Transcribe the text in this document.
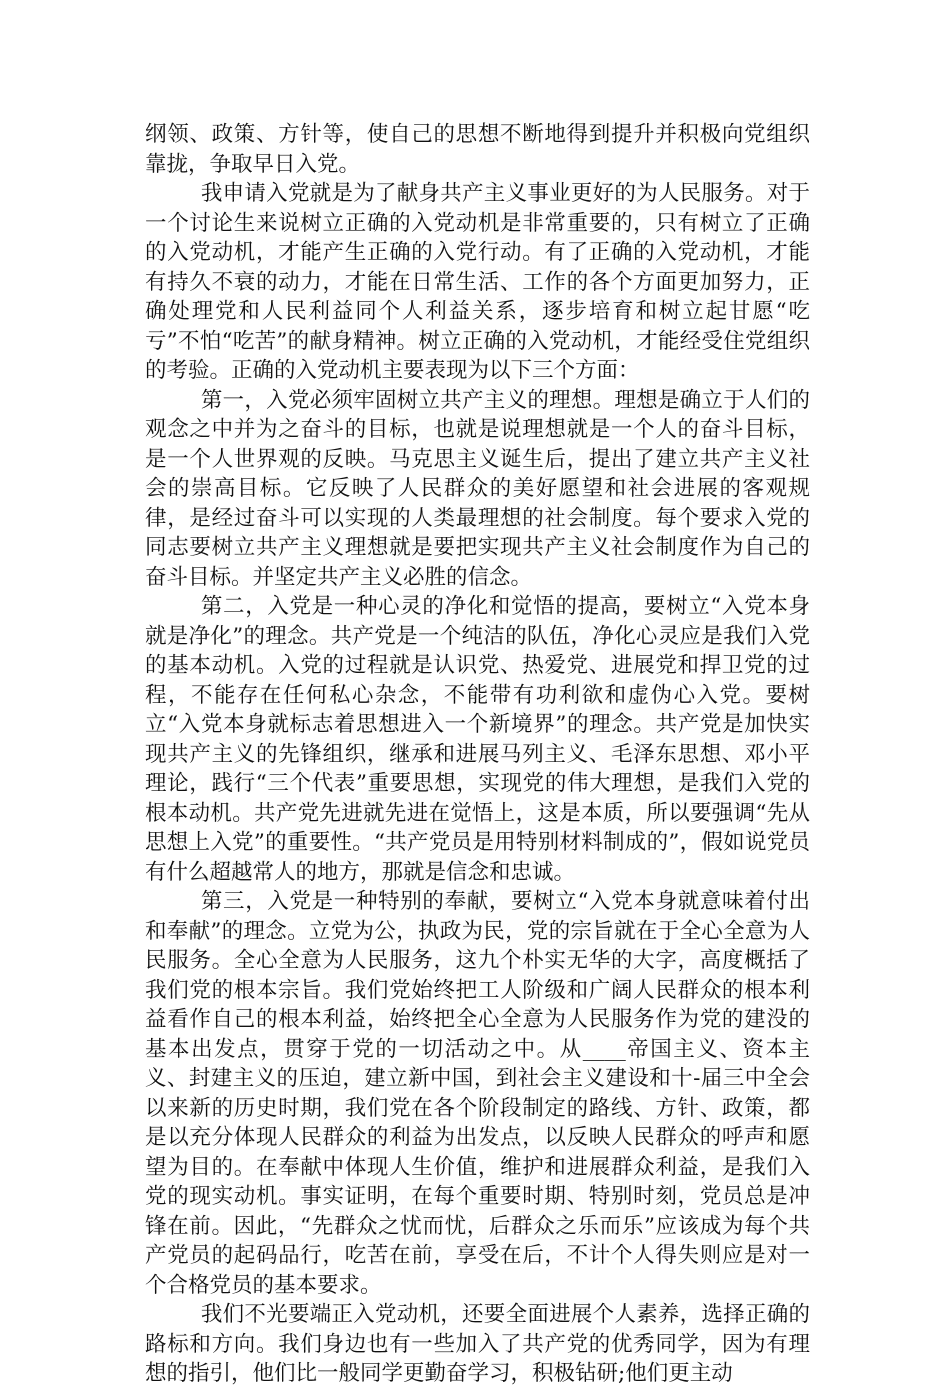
纲领、政策、方针等，使自己的思想不断地得到提升并积极向党组织靠拢，争取早日入党。

我申请入党就是为了献身共产主义事业更好的为人民服务。对于一个讨论生来说树立正确的入党动机是非常重要的，只有树立了正确的入党动机，才能产生正确的入党行动。有了正确的入党动机，才能有持久不衰的动力，才能在日常生活、工作的各个方面更加努力，正确处理党和人民利益同个人利益关系，逐步培育和树立起甘愿“吃亏”不怕“吃苦”的献身精神。树立正确的入党动机，才能经受住党组织的考验。正确的入党动机主要表现为以下三个方面：

第一，入党必须牢固树立共产主义的理想。理想是确立于人们的观念之中并为之奋斗的目标，也就是说理想就是一个人的奋斗目标，是一个人世界观的反映。马克思主义诞生后，提出了建立共产主义社会的崇高目标。它反映了人民群众的美好愿望和社会进展的客观规律，是经过奋斗可以实现的人类最理想的社会制度。每个要求入党的同志要树立共产主义理想就是要把实现共产主义社会制度作为自己的奋斗目标。并坚定共产主义必胜的信念。

第二，入党是一种心灵的净化和觉悟的提高，要树立“入党本身就是净化”的理念。共产党是一个纯洁的队伍，净化心灵应是我们入党的基本动机。入党的过程就是认识党、热爱党、进展党和捍卫党的过程，不能存在任何私心杂念，不能带有功利欲和虚伪心入党。要树立“入党本身就标志着思想进入一个新境界”的理念。共产党是加快实现共产主义的先锋组织，继承和进展马列主义、毛泽东思想、邓小平理论，践行“三个代表”重要思想，实现党的伟大理想，是我们入党的根本动机。共产党先进就先进在觉悟上，这是本质，所以要强调“先从思想上入党”的重要性。“共产党员是用特别材料制成的”，假如说党员有什么超越常人的地方，那就是信念和忠诚。

第三，入党是一种特别的奉献，要树立“入党本身就意味着付出和奉献”的理念。立党为公，执政为民，党的宗旨就在于全心全意为人民服务。全心全意为人民服务，这九个朴实无华的大字，高度概括了我们党的根本宗旨。我们党始终把工人阶级和广阔人民群众的根本利益看作自己的根本利益，始终把全心全意为人民服务作为党的建没的基本出发点，贯穿于党的一切活动之中。从____帝国主义、资本主义、封建主义的压迫，建立新中国，到社会主义建设和十-届三中全会以来新的历史时期，我们党在各个阶段制定的路线、方针、政策，都是以充分体现人民群众的利益为出发点，以反映人民群众的呼声和愿望为目的。在奉献中体现人生价值，维护和进展群众利益，是我们入党的现实动机。事实证明，在每个重要时期、特别时刻，党员总是冲锋在前。因此，“先群众之忧而忧，后群众之乐而乐”应该成为每个共产党员的起码品行，吃苦在前，享受在后，不计个人得失则应是对一个合格党员的基本要求。

我们不光要端正入党动机，还要全面进展个人素养，选择正确的路标和方向。我们身边也有一些加入了共产党的优秀同学，因为有理想的指引，他们比一般同学更勤奋学习，积极钻研;他们更主动
